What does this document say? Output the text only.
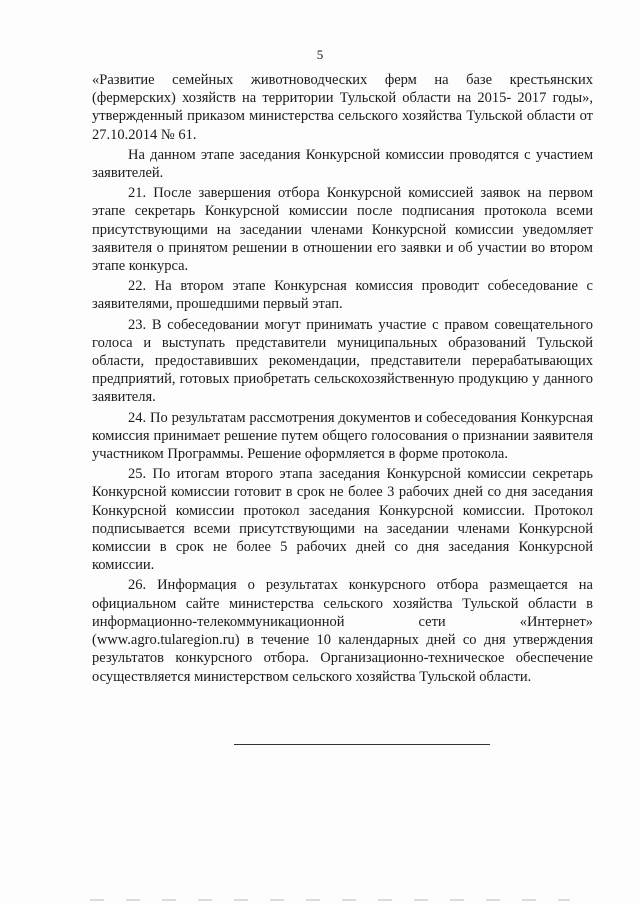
5

«Развитие семейных животноводческих ферм на базе крестьянских (фермерских) хозяйств на территории Тульской области на 2015- 2017 годы», утвержденный приказом министерства сельского хозяйства Тульской области от 27.10.2014 № 61.

На данном этапе заседания Конкурсной комиссии проводятся с участием заявителей.

21. После завершения отбора Конкурсной комиссией заявок на первом этапе секретарь Конкурсной комиссии после подписания протокола всеми присутствующими на заседании членами Конкурсной комиссии уведомляет заявителя о принятом решении в отношении его заявки и об участии во втором этапе конкурса.

22. На втором этапе Конкурсная комиссия проводит собеседование с заявителями, прошедшими первый этап.

23. В собеседовании могут принимать участие с правом совещательного голоса и выступать представители муниципальных образований Тульской области, предоставивших рекомендации, представители перерабатывающих предприятий, готовых приобретать сельскохозяйственную продукцию у данного заявителя.

24. По результатам рассмотрения документов и собеседования Конкурсная комиссия принимает решение путем общего голосования о признании заявителя участником Программы. Решение оформляется в форме протокола.

25. По итогам второго этапа заседания Конкурсной комиссии секретарь Конкурсной комиссии готовит в срок не более 3 рабочих дней со дня заседания Конкурсной комиссии протокол заседания Конкурсной комиссии. Протокол подписывается всеми присутствующими на заседании членами Конкурсной комиссии в срок не более 5 рабочих дней со дня заседания Конкурсной комиссии.

26. Информация о результатах конкурсного отбора размещается на официальном сайте министерства сельского хозяйства Тульской области в информационно-телекоммуникационной сети «Интернет» (www.agro.tularegion.ru) в течение 10 календарных дней со дня утверждения результатов конкурсного отбора. Организационно-техническое обеспечение осуществляется министерством сельского хозяйства Тульской области.
